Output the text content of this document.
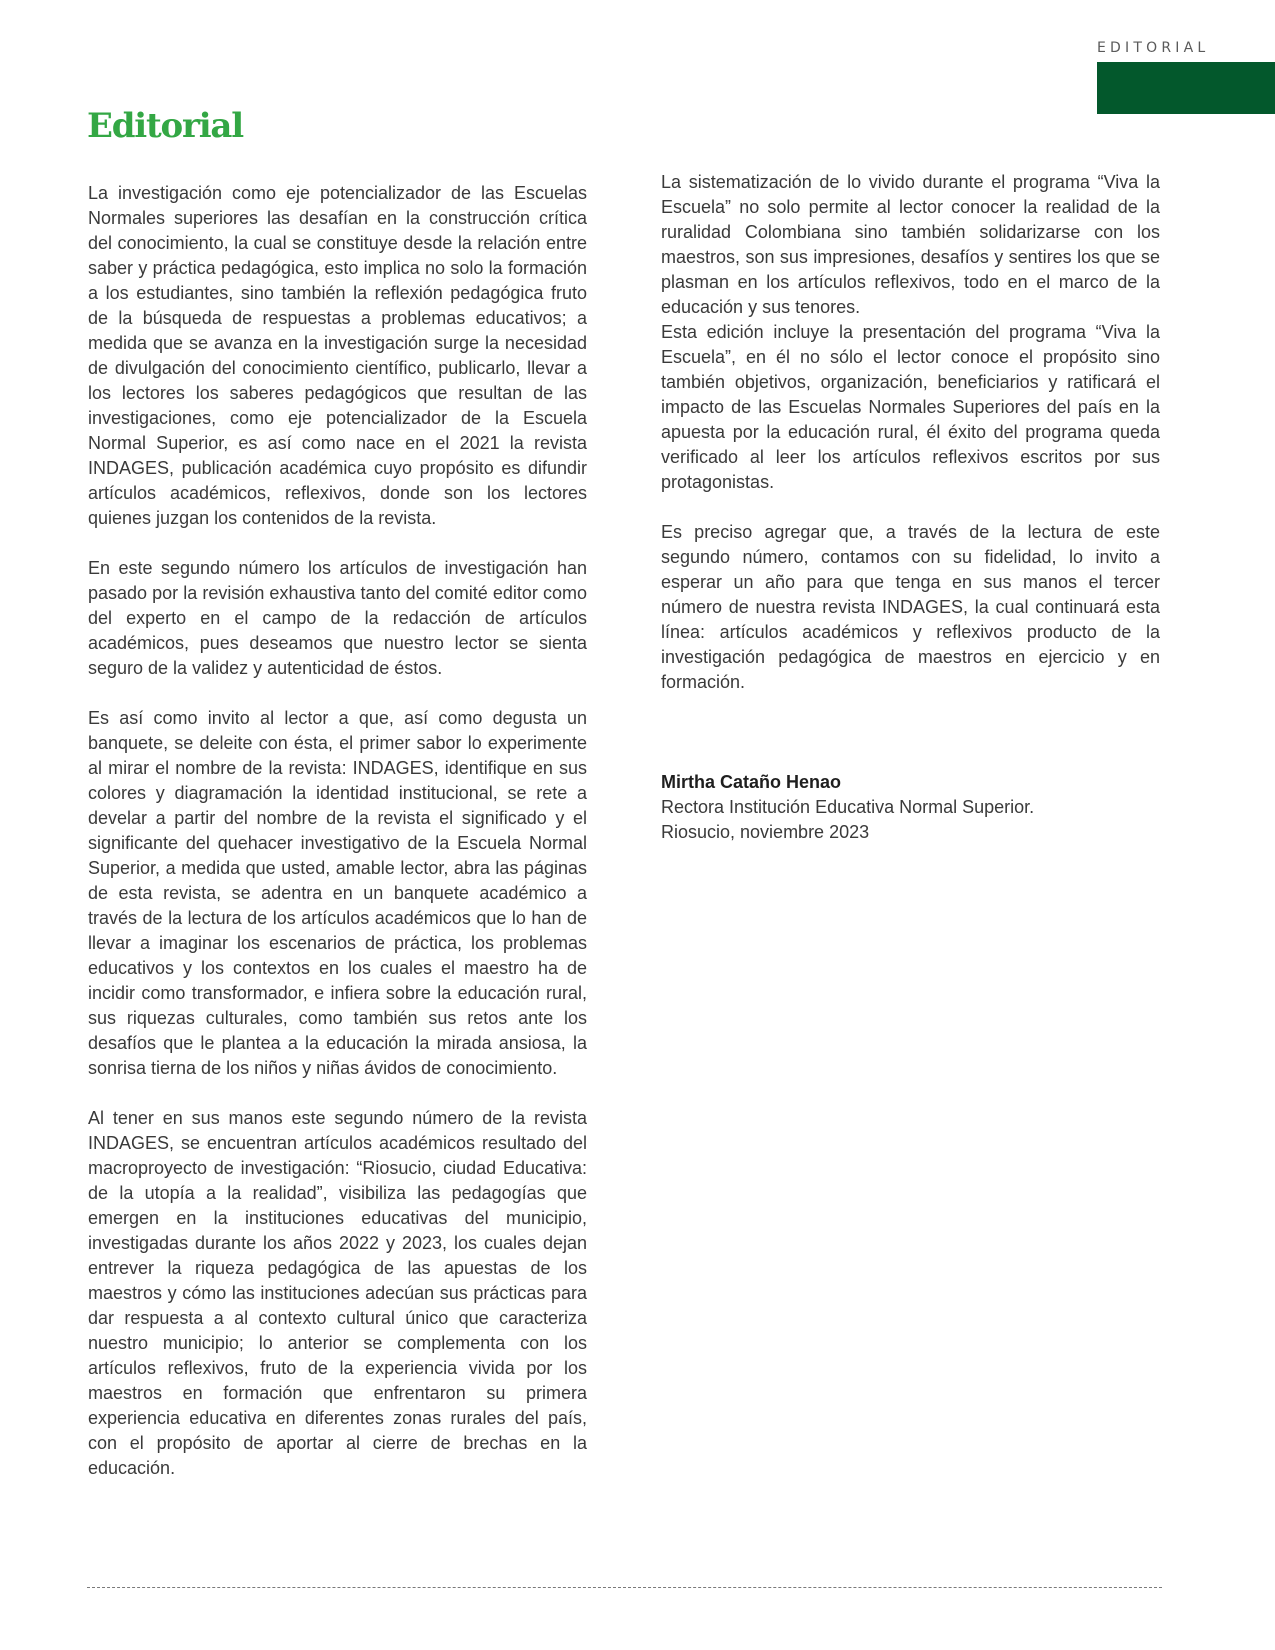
EDITORIAL
Editorial

La investigación como eje potencializador de las Escuelas Normales superiores las desafían en la construcción crítica del conocimiento, la cual se constituye desde la relación entre saber y práctica pedagógica, esto implica no solo la formación a los estudiantes, sino también la reflexión pedagógica fruto de la búsqueda de respuestas a problemas educativos; a medida que se avanza en la investigación surge la necesidad de divulgación del conocimiento científico, publicarlo, llevar a los lectores los saberes pedagógicos que resultan de las investigaciones, como eje potencializador de la Escuela Normal Superior, es así como nace en el 2021 la revista INDAGES, publicación académica cuyo propósito es difundir artículos académicos, reflexivos, donde son los lectores quienes juzgan los contenidos de la revista.

En este segundo número los artículos de investigación han pasado por la revisión exhaustiva tanto del comité editor como del experto en el campo de la redacción de artículos académicos, pues deseamos que nuestro lector se sienta seguro de la validez y autenticidad de éstos.

Es así como invito al lector a que, así como degusta un banquete, se deleite con ésta, el primer sabor lo experimente al mirar el nombre de la revista: INDAGES, identifique en sus colores y diagramación la identidad institucional, se rete a develar a partir del nombre de la revista el significado y el significante del quehacer investigativo de la Escuela Normal Superior, a medida que usted, amable lector, abra las páginas de esta revista, se adentra en un banquete académico a través de la lectura de los artículos académicos que lo han de llevar a imaginar los escenarios de práctica, los problemas educativos y los contextos en los cuales el maestro ha de incidir como transformador, e infiera sobre la educación rural, sus riquezas culturales, como también sus retos ante los desafíos que le plantea a la educación la mirada ansiosa, la sonrisa tierna de los niños y niñas ávidos de conocimiento.

Al tener en sus manos este segundo número de la revista INDAGES, se encuentran artículos académicos resultado del macroproyecto de investigación: “Riosucio, ciudad Educativa: de la utopía a la realidad”, visibiliza las pedagogías que emergen en la instituciones educativas del municipio, investigadas durante los años 2022 y 2023, los cuales dejan entrever la riqueza pedagógica de las apuestas de los maestros y cómo las instituciones adecúan sus prácticas para dar respuesta a al contexto cultural único que caracteriza nuestro municipio; lo anterior se complementa con los artículos reflexivos, fruto de la experiencia vivida por los maestros en formación que enfrentaron su primera experiencia educativa en diferentes zonas rurales del país, con el propósito de aportar al cierre de brechas en la educación.

La sistematización de lo vivido durante el programa “Viva la Escuela” no solo permite al lector conocer la realidad de la ruralidad Colombiana sino también solidarizarse con los maestros, son sus impresiones, desafíos y sentires los que se plasman en los artículos reflexivos, todo en el marco de la educación y sus tenores.

Esta edición incluye la presentación del programa “Viva la Escuela”, en él no sólo el lector conoce el propósito sino también objetivos, organización, beneficiarios y ratificará el impacto de las Escuelas Normales Superiores del país en la apuesta por la educación rural, él éxito del programa queda verificado al leer los artículos reflexivos escritos por sus protagonistas.

Es preciso agregar que, a través de la lectura de este segundo número, contamos con su fidelidad, lo invito a esperar un año para que tenga en sus manos el tercer número de nuestra revista INDAGES, la cual continuará esta línea: artículos académicos y reflexivos producto de la investigación pedagógica de maestros en ejercicio y en formación.

Mirtha Cataño Henao
Rectora Institución Educativa Normal Superior.
Riosucio, noviembre 2023
